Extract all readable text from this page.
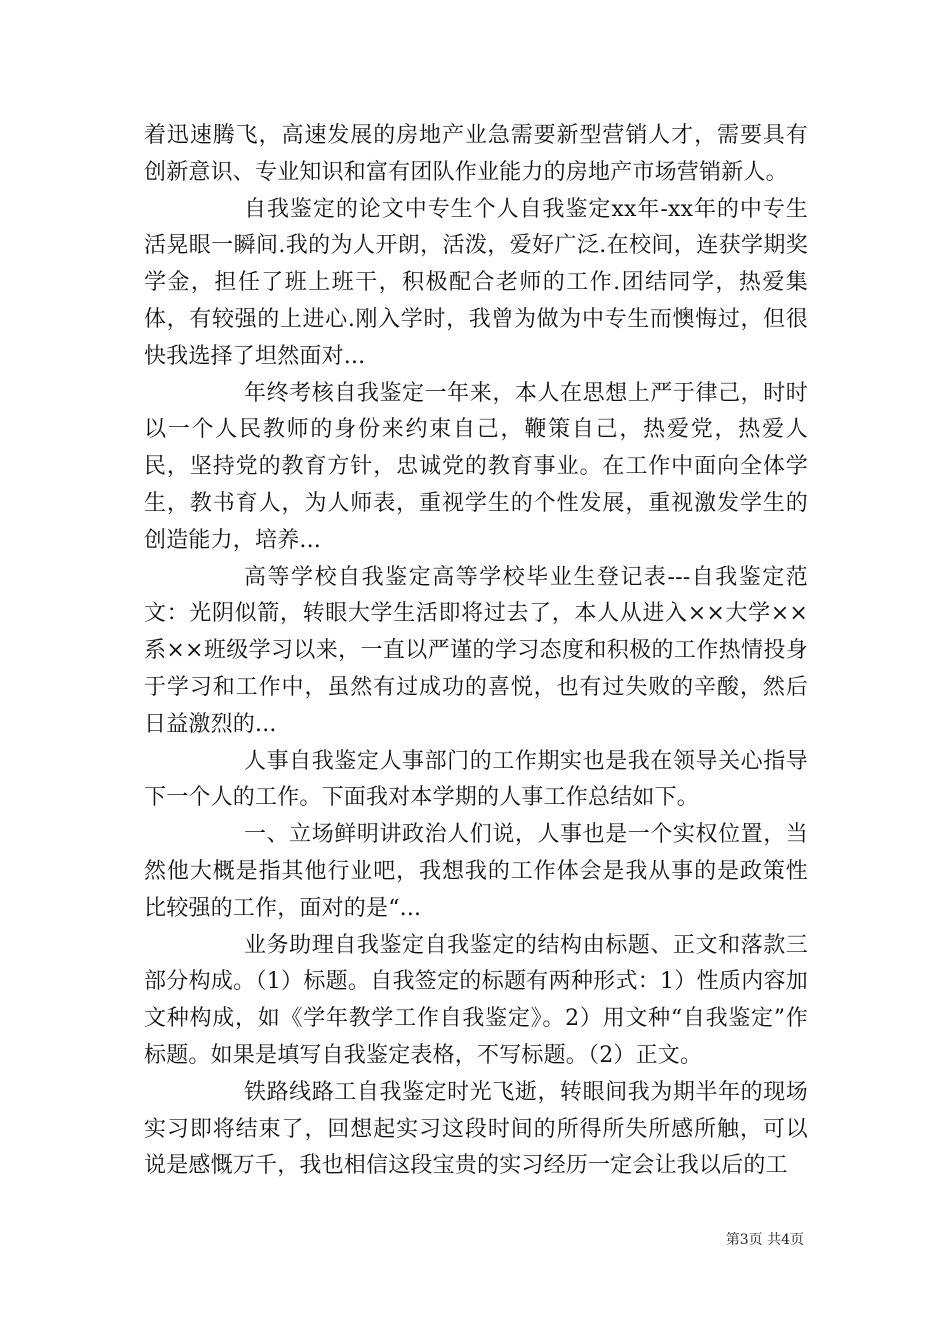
着迅速腾飞，高速发展的房地产业急需要新型营销人才，需要具有创新意识、专业知识和富有团队作业能力的房地产市场营销新人。

自我鉴定的论文中专生个人自我鉴定xx年-xx年的中专生活晃眼一瞬间.我的为人开朗，活泼，爱好广泛.在校间，连获学期奖学金，担任了班上班干，积极配合老师的工作.团结同学，热爱集体，有较强的上进心.刚入学时，我曾为做为中专生而懊悔过，但很快我选择了坦然面对...

年终考核自我鉴定一年来，本人在思想上严于律己，时时以一个人民教师的身份来约束自己，鞭策自己，热爱党，热爱人民，坚持党的教育方针，忠诚党的教育事业。在工作中面向全体学生，教书育人，为人师表，重视学生的个性发展，重视激发学生的创造能力，培养...

高等学校自我鉴定高等学校毕业生登记表---自我鉴定范文：光阴似箭，转眼大学生活即将过去了，本人从进入××大学××系××班级学习以来，一直以严谨的学习态度和积极的工作热情投身于学习和工作中，虽然有过成功的喜悦，也有过失败的辛酸，然后日益激烈的...

人事自我鉴定人事部门的工作期实也是我在领导关心指导下一个人的工作。下面我对本学期的人事工作总结如下。

一、立场鲜明讲政治人们说，人事也是一个实权位置，当然他大概是指其他行业吧，我想我的工作体会是我从事的是政策性比较强的工作，面对的是“...

业务助理自我鉴定自我鉴定的结构由标题、正文和落款三部分构成。（1）标题。自我签定的标题有两种形式：1）性质内容加文种构成，如《学年教学工作自我鉴定》。2）用文种“自我鉴定”作标题。如果是填写自我鉴定表格，不写标题。（2）正文。

铁路线路工自我鉴定时光飞逝，转眼间我为期半年的现场实习即将结束了，回想起实习这段时间的所得所失所感所触，可以说是感慨万千，我也相信这段宝贵的实习经历一定会让我以后的工

第3页 共4页
